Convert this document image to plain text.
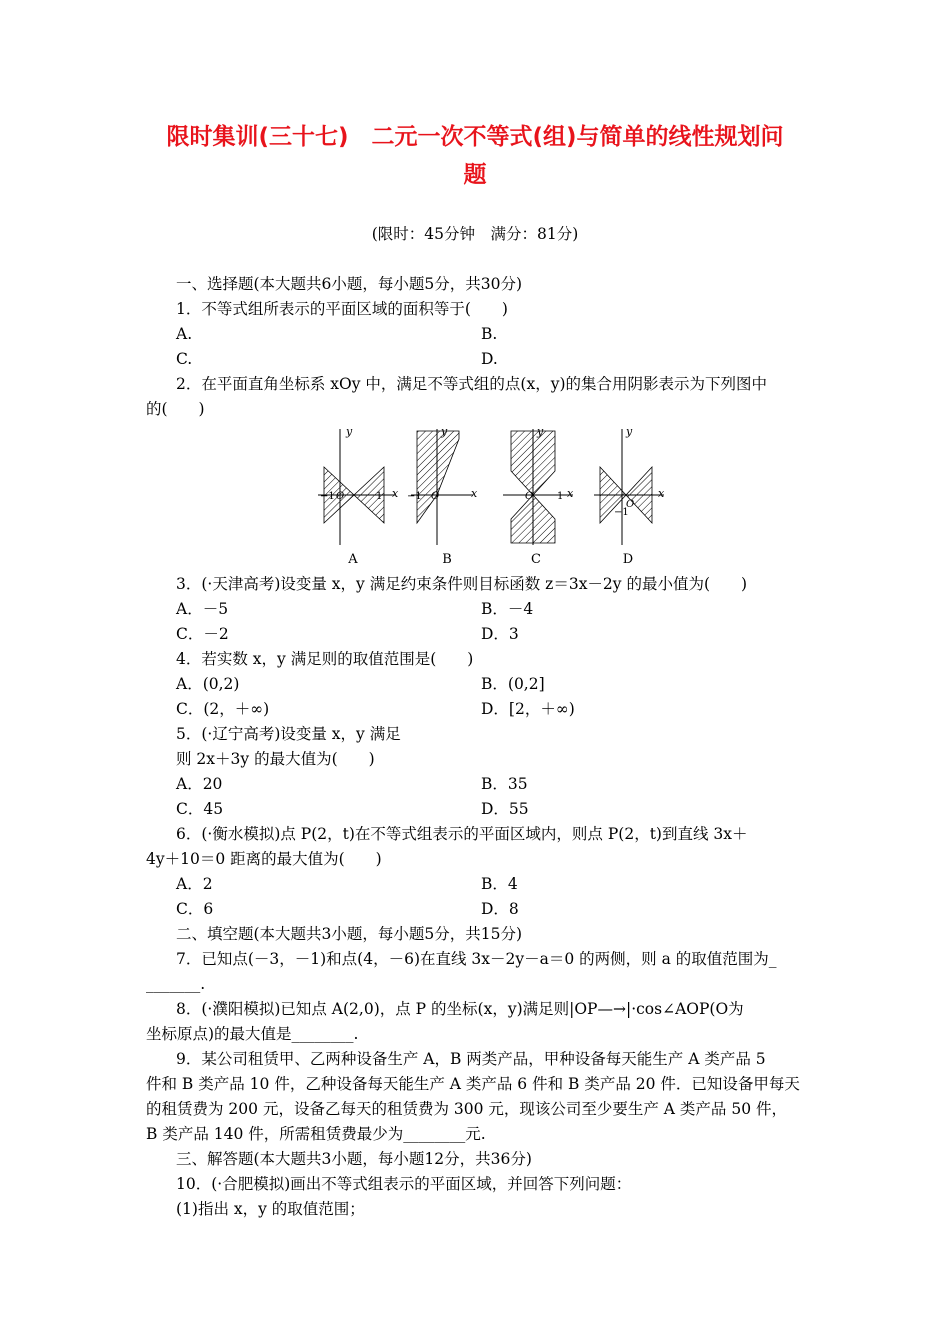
限时集训(三十七)　二元一次不等式(组)与简单的线性规划问
题
(限时：45分钟　满分：81分)
一、选择题(本大题共6小题，每小题5分，共30分)
1．不等式组所表示的平面区域的面积等于(　　)
A.	B.
C.	D.
2．在平面直角坐标系 xOy 中，满足不等式组的点(x，y)的集合用阴影表示为下列图中
的(　　)
y
x
O	1
−1
y
x
O
−1
y
x
O 1
y
x
O
−1
A	B	C	D
3．(·天津高考)设变量 x，y 满足约束条件则目标函数 z＝3x－2y 的最小值为(　　)
A．－5	B．－4
C．－2	D．3
4．若实数 x，y 满足则的取值范围是(　　)
A．(0,2)	B．(0,2]
C．(2，＋∞)	D．[2，＋∞)
5．(·辽宁高考)设变量 x，y 满足
则 2x＋3y 的最大值为(　　)
A．20	B．35
C．45	D．55
6．(·衡水模拟)点 P(2，t)在不等式组表示的平面区域内，则点 P(2，t)到直线 3x＋
4y＋10＝0 距离的最大值为(　　)
A．2	B．4
C．6	D．8
二、填空题(本大题共3小题，每小题5分，共15分)
7．已知点(－3，－1)和点(4，－6)在直线 3x－2y－a＝0 的两侧，则 a 的取值范围为_
_______.
8．(·濮阳模拟)已知点 A(2,0)，点 P 的坐标(x，y)满足则|OP—→|·cos∠AOP(O为
坐标原点)的最大值是________.
9．某公司租赁甲、乙两种设备生产 A，B 两类产品，甲种设备每天能生产 A 类产品 5
件和 B 类产品 10 件，乙种设备每天能生产 A 类产品 6 件和 B 类产品 20 件．已知设备甲每天
的租赁费为 200 元，设备乙每天的租赁费为 300 元，现该公司至少要生产 A 类产品 50 件，
B 类产品 140 件，所需租赁费最少为________元.
三、解答题(本大题共3小题，每小题12分，共36分)
10．(·合肥模拟)画出不等式组表示的平面区域，并回答下列问题：
(1)指出 x，y 的取值范围；
